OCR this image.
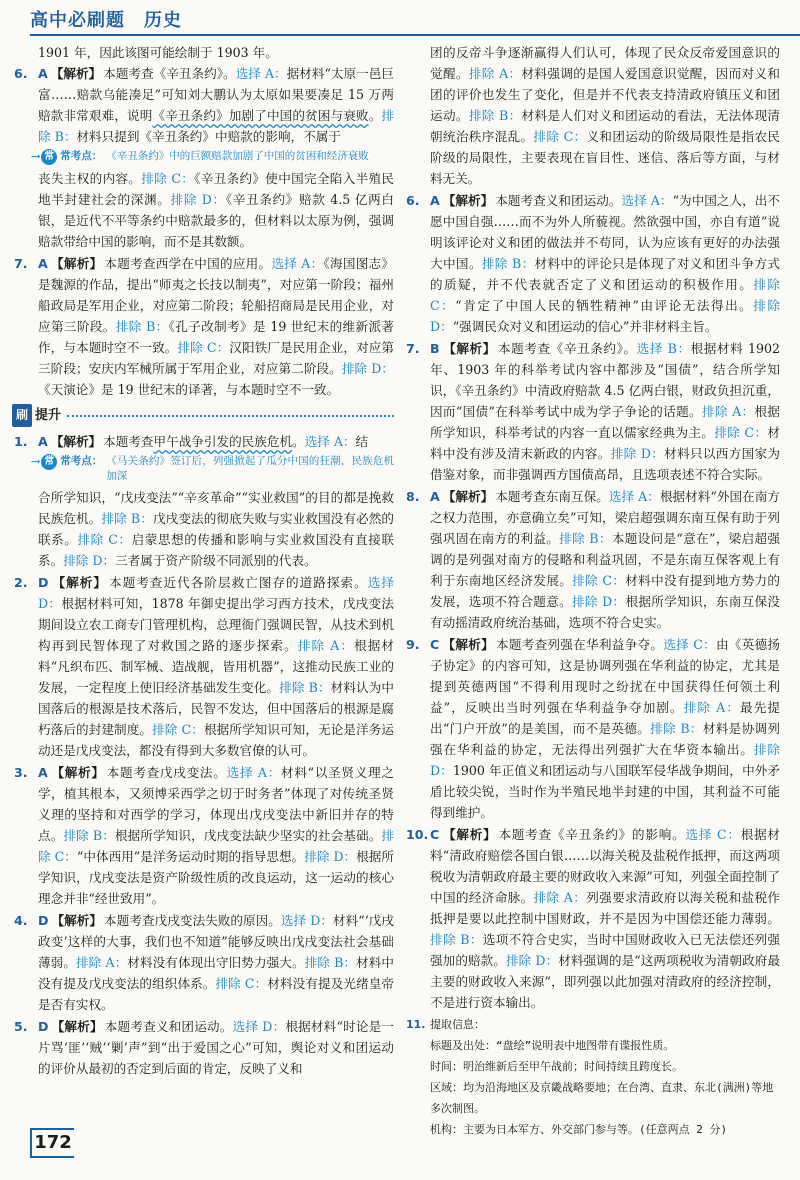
高中必刷题　历史

1901 年，因此该图可能绘制于 1903 年。

6. A 【解析】 本题考查《辛丑条约》。选择 A：据材料“太原一邑巨富……赔款乌能凑足”可知刘大鹏认为太原如果要凑足 15 万两赔款非常艰难，说明《辛丑条约》加剧了中国的贫困与衰败。排除 B：材料只提到《辛丑条约》中赔款的影响，不属于

⟶ 常 常考点： 《辛丑条约》中的巨额赔款加剧了中国的贫困和经济衰败

丧失主权的内容。排除 C：《辛丑条约》使中国完全陷入半殖民地半封建社会的深渊。排除 D：《辛丑条约》赔款 4.5 亿两白银，是近代不平等条约中赔款最多的，但材料以太原为例，强调赔款带给中国的影响，而不是其数额。

7. A 【解析】 本题考查西学在中国的应用。选择 A：《海国图志》是魏源的作品，提出“师夷之长技以制夷”，对应第一阶段；福州船政局是军用企业，对应第二阶段；轮船招商局是民用企业，对应第三阶段。排除 B：《孔子改制考》是 19 世纪末的维新派著作，与本题时空不一致。排除 C：汉阳铁厂是民用企业，对应第三阶段；安庆内军械所属于军用企业，对应第二阶段。排除 D：《天演论》是 19 世纪末的译著，与本题时空不一致。

刷 提升

1. A 【解析】 本题考查甲午战争引发的民族危机。选择 A：结

⟶ 常 常考点： 《马关条约》签订后，列强掀起了瓜分中国的狂潮，民族危机加深

合所学知识，“戊戌变法”“辛亥革命”“实业救国”的目的都是挽救民族危机。排除 B：戊戌变法的彻底失败与实业救国没有必然的联系。排除 C：启蒙思想的传播和影响与实业救国没有直接联系。排除 D：三者属于资产阶级不同派别的代表。

2. D 【解析】 本题考查近代各阶层救亡图存的道路探索。选择 D：根据材料可知，1878 年御史提出学习西方技术，戊戌变法期间设立农工商专门管理机构，总理衙门强调民智，从技术到机构再到民智体现了对救国之路的逐步探索。排除 A：根据材料“凡织布匹、制军械、造战舰，皆用机器”，这推动民族工业的发展，一定程度上使旧经济基础发生变化。排除 B：材料认为中国落后的根源是技术落后，民智不发达，但中国落后的根源是腐朽落后的封建制度。排除 C：根据所学知识可知，无论是洋务运动还是戊戌变法，都没有得到大多数官僚的认可。

3. A 【解析】 本题考查戊戌变法。选择 A：材料“以圣贤义理之学，植其根本，又须博采西学之切于时务者”体现了对传统圣贤义理的坚持和对西学的学习，体现出戊戌变法中新旧并存的特点。排除 B：根据所学知识，戊戌变法缺少坚实的社会基础。排除 C：“中体西用”是洋务运动时期的指导思想。排除 D：根据所学知识，戊戌变法是资产阶级性质的改良运动，这一运动的核心理念并非“经世致用”。

4. D 【解析】 本题考查戊戌变法失败的原因。选择 D：材料“‘戊戌政变’这样的大事，我们也不知道”能够反映出戊戌变法社会基础薄弱。排除 A：材料没有体现出守旧势力强大。排除 B：材料中没有提及戊戌变法的组织体系。排除 C：材料没有提及光绪皇帝是否有实权。

5. D 【解析】 本题考查义和团运动。选择 D：根据材料“时论是一片骂‘匪’‘贼’‘剿’声”到“出于爱国之心”可知，舆论对义和团运动的评价从最初的否定到后面的肯定，反映了义和

团的反帝斗争逐渐赢得人们认可，体现了民众反帝爱国意识的觉醒。排除 A：材料强调的是国人爱国意识觉醒，因而对义和团的评价也发生了变化，但是并不代表支持清政府镇压义和团运动。排除 B：材料是人们对义和团运动的看法，无法体现清朝统治秩序混乱。排除 C：义和团运动的阶级局限性是指农民阶级的局限性，主要表现在盲目性、迷信、落后等方面，与材料无关。

6. A 【解析】 本题考查义和团运动。选择 A：“为中国之人，出不愿中国自强……而不为外人所藐视。然欲强中国，亦自有道”说明该评论对义和团的做法并不苟同，认为应该有更好的办法强大中国。排除 B：材料中的评论只是体现了对义和团斗争方式的质疑，并不代表就否定了义和团运动的积极作用。排除 C：“肯定了中国人民的牺牲精神”由评论无法得出。排除 D：“强调民众对义和团运动的信心”并非材料主旨。

7. B 【解析】 本题考查《辛丑条约》。选择 B：根据材料 1902 年、1903 年的科举考试内容中都涉及“国债”，结合所学知识，《辛丑条约》中清政府赔款 4.5 亿两白银，财政负担沉重，因而“国债”在科举考试中成为学子争论的话题。排除 A：根据所学知识，科举考试的内容一直以儒家经典为主。排除 C：材料中没有涉及清末新政的内容。排除 D：材料只以西方国家为借鉴对象，而非强调西方国债高昂，且选项表述不符合实际。

8. A 【解析】 本题考查东南互保。选择 A：根据材料“外国在南方之权力范围，亦意确立矣”可知，梁启超强调东南互保有助于列强巩固在南方的利益。排除 B：本题设问是“意在”，梁启超强调的是列强对南方的侵略和利益巩固，不是东南互保客观上有利于东南地区经济发展。排除 C：材料中没有提到地方势力的发展，选项不符合题意。排除 D：根据所学知识，东南互保没有动摇清政府统治基础，选项不符合史实。

9. C 【解析】 本题考查列强在华利益争夺。选择 C：由《英德扬子协定》的内容可知，这是协调列强在华利益的协定，尤其是提到英德两国“不得利用现时之纷扰在中国获得任何领土利益”，反映出当时列强在华利益争夺加剧。排除 A：最先提出“门户开放”的是美国，而不是英德。排除 B：材料是协调列强在华利益的协定，无法得出列强扩大在华资本输出。排除 D：1900 年正值义和团运动与八国联军侵华战争期间，中外矛盾比较尖锐，当时作为半殖民地半封建的中国，其利益不可能得到维护。

10. C 【解析】 本题考查《辛丑条约》的影响。选择 C：根据材料“清政府赔偿各国白银……以海关税及盐税作抵押，而这两项税收为清朝政府最主要的财政收入来源”可知，列强全面控制了中国的经济命脉。排除 A：列强要求清政府以海关税和盐税作抵押是要以此控制中国财政，并不是因为中国偿还能力薄弱。排除 B：选项不符合史实，当时中国财政收入已无法偿还列强强加的赔款。排除 D：材料强调的是“这两项税收为清朝政府最主要的财政收入来源”，即列强以此加强对清政府的经济控制，不是进行资本输出。

11. 提取信息：

标题及出处：“盘绘”说明表中地图带有谍报性质。

时间：明治维新后至甲午战前；时间持续且跨度长。

区域：均为沿海地区及京畿战略要地；在台湾、直隶、东北(满洲)等地多次制图。

机构：主要为日本军方、外交部门参与等。(任意两点 2 分)

172
